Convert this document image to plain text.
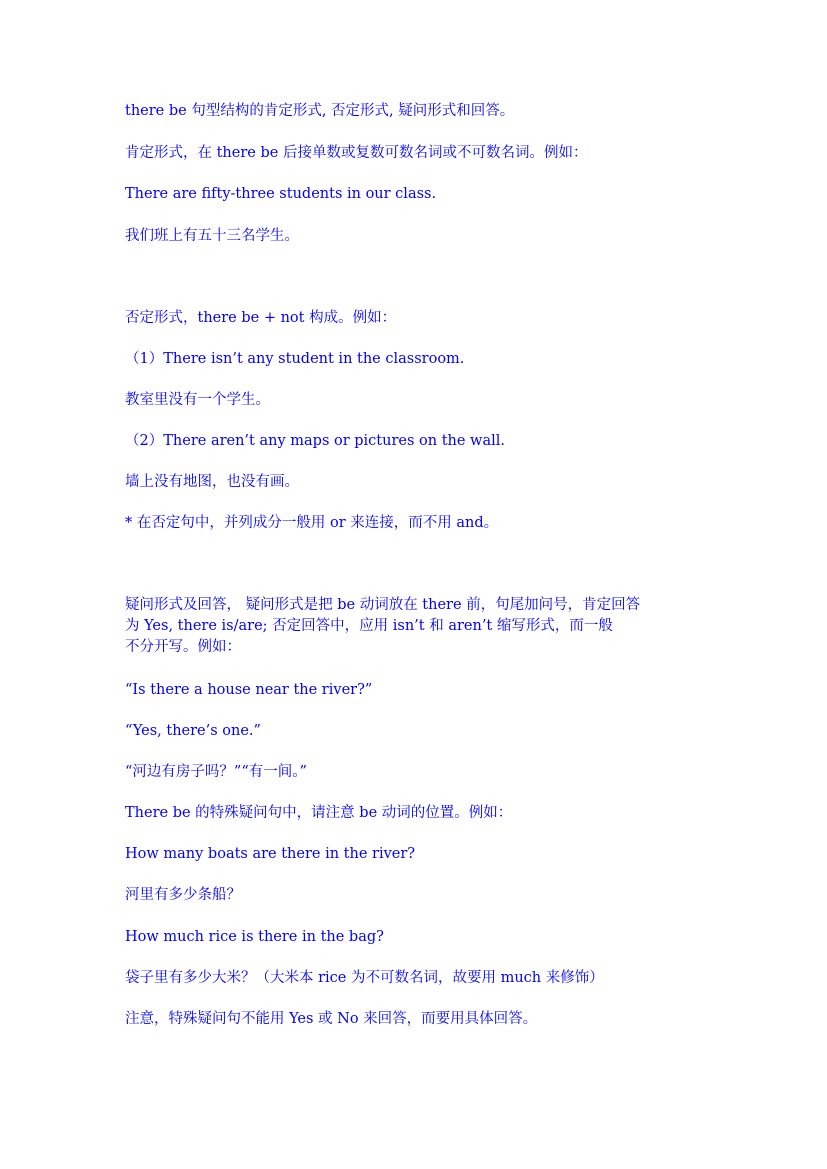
there be 句型结构的肯定形式, 否定形式, 疑问形式和回答。

肯定形式，在 there be 后接单数或复数可数名词或不可数名词。例如：

There are fifty-three students in our class.

我们班上有五十三名学生。

否定形式，there be + not 构成。例如：

（1）There isn’t any student in the classroom.

教室里没有一个学生。

（2）There aren’t any maps or pictures on the wall.

墙上没有地图，也没有画。

* 在否定句中，并列成分一般用 or 来连接，而不用 and。

疑问形式及回答， 疑问形式是把 be 动词放在 there 前，句尾加问号，肯定回答
为 Yes, there is/are; 否定回答中，应用 isn’t 和 aren’t 缩写形式，而一般
不分开写。例如：

“Is there a house near the river?”

“Yes, there’s one.”

“河边有房子吗？”“有一间。”

There be 的特殊疑问句中，请注意 be 动词的位置。例如：

How many boats are there in the river?

河里有多少条船？

How much rice is there in the bag?

袋子里有多少大米？（大米本 rice 为不可数名词，故要用 much 来修饰）

注意，特殊疑问句不能用 Yes 或 No 来回答，而要用具体回答。
